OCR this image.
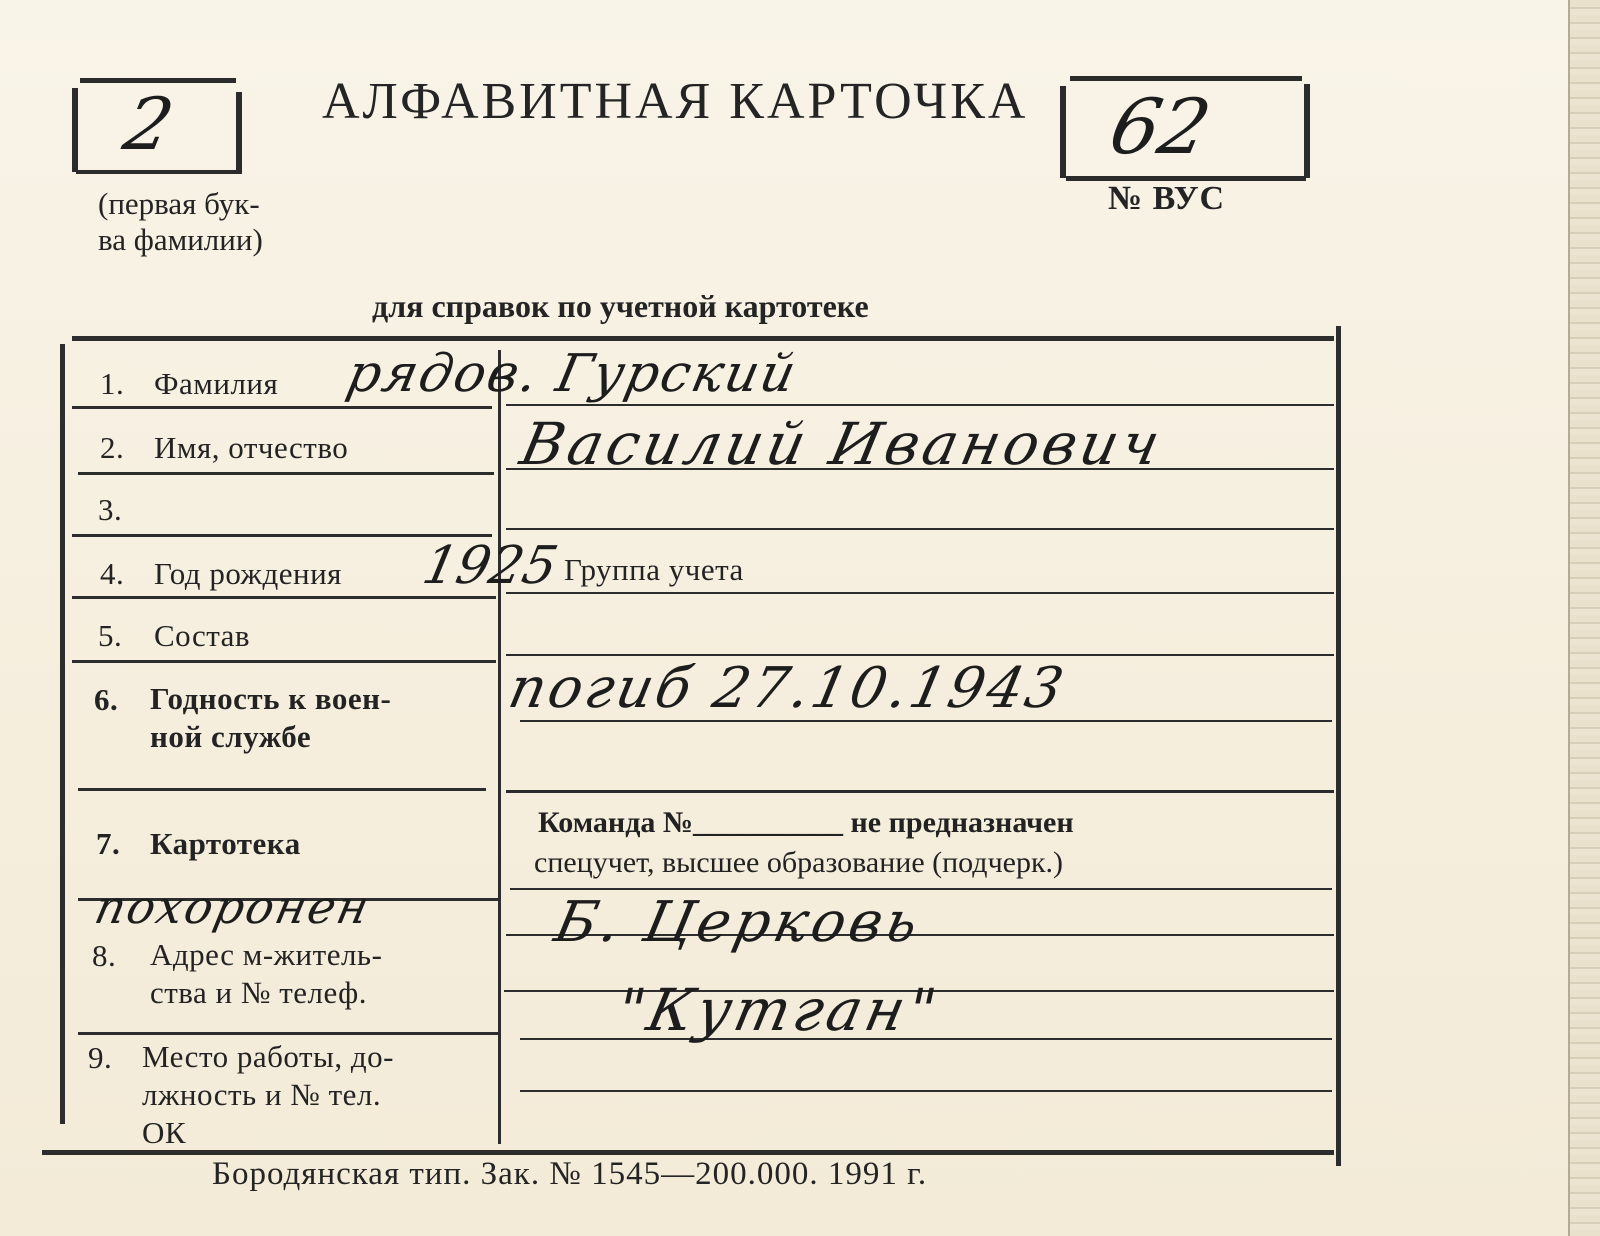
2
(первая бук-
ва фамилии)
АЛФАВИТНАЯ КАРТОЧКА 62
№ ВУС
для справок по учетной картотеке
1. Фамилия рядов. Гурский
2. Имя, отчество	Василий Иванович
3.
4. Год рождения 1925 Группа учета
5. Состав
6. Годность к воен-
ной службе
погиб 27.10.1943
7. Картотека
Команда №__________ не предназначен
спецучет, высшее образование (подчерк.)
похоронен
8. Адрес м-житель-
ства и № телеф.
Б. Церковь
9. Место работы, до-
лжность и № тел.
ОК
"Кутган"
Бородянская тип. Зак. № 1545—200.000. 1991 г.
